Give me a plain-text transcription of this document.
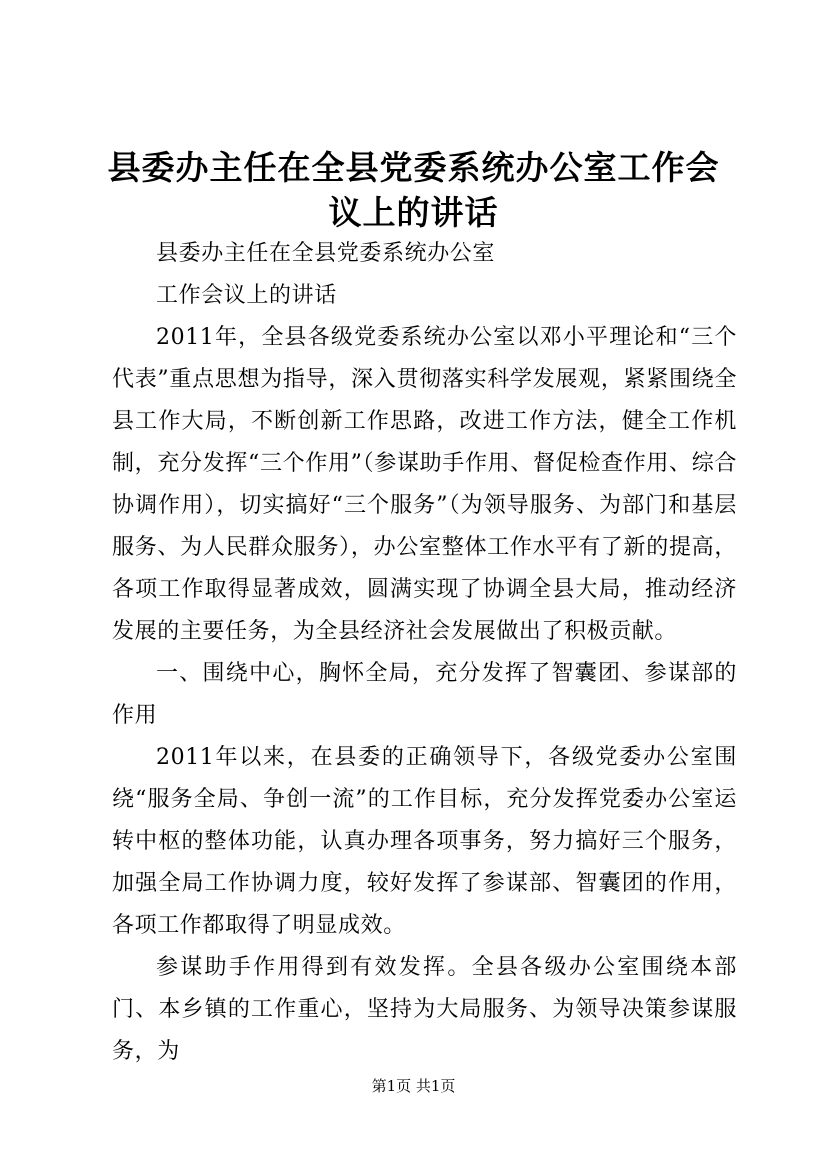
县委办主任在全县党委系统办公室工作会议上的讲话

县委办主任在全县党委系统办公室

工作会议上的讲话

2011年，全县各级党委系统办公室以邓小平理论和“三个代表”重点思想为指导，深入贯彻落实科学发展观，紧紧围绕全县工作大局，不断创新工作思路，改进工作方法，健全工作机制，充分发挥“三个作用”（参谋助手作用、督促检查作用、综合协调作用），切实搞好“三个服务”（为领导服务、为部门和基层服务、为人民群众服务），办公室整体工作水平有了新的提高，各项工作取得显著成效，圆满实现了协调全县大局，推动经济发展的主要任务，为全县经济社会发展做出了积极贡献。

一、围绕中心，胸怀全局，充分发挥了智囊团、参谋部的作用

2011年以来，在县委的正确领导下，各级党委办公室围绕“服务全局、争创一流”的工作目标，充分发挥党委办公室运转中枢的整体功能，认真办理各项事务，努力搞好三个服务，加强全局工作协调力度，较好发挥了参谋部、智囊团的作用，各项工作都取得了明显成效。

参谋助手作用得到有效发挥。全县各级办公室围绕本部门、本乡镇的工作重心，坚持为大局服务、为领导决策参谋服务，为

第1页 共1页
